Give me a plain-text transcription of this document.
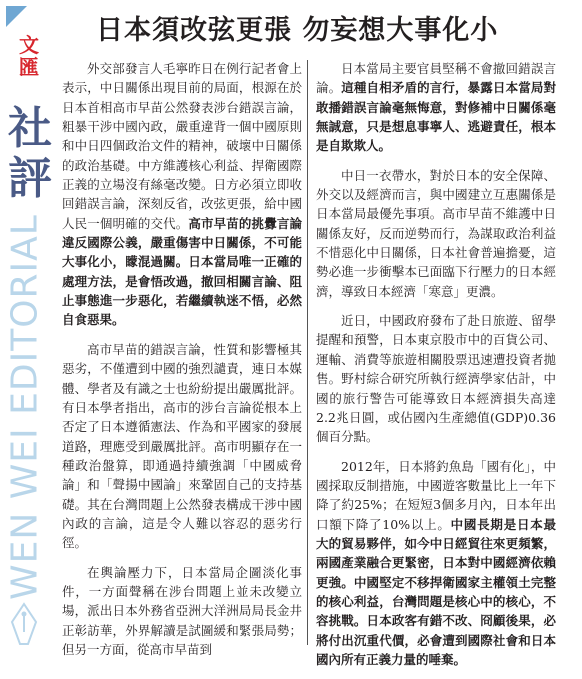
文
匯
社
評
WEN WEI EDITORIAL
日本須改弦更張 勿妄想大事化小

外交部發言人毛寧昨日在例行記者會上表示，中日關係出現目前的局面，根源在於日本首相高市早苗公然發表涉台錯誤言論，粗暴干涉中國內政，嚴重違背一個中國原則和中日四個政治文件的精神，破壞中日關係的政治基礎。中方維護核心利益、捍衛國際正義的立場沒有絲毫改變。日方必須立即收回錯誤言論，深刻反省，改弦更張，給中國人民一個明確的交代。高市早苗的挑釁言論違反國際公義，嚴重傷害中日關係，不可能大事化小，矇混過關。日本當局唯一正確的處理方法，是會悟改過，撤回相關言論、阻止事態進一步惡化，若繼續執迷不悟，必然自食惡果。

高市早苗的錯誤言論，性質和影響極其惡劣，不僅遭到中國的強烈譴責，連日本媒體、學者及有識之士也紛紛提出嚴厲批評。有日本學者指出，高市的涉台言論從根本上否定了日本遵循憲法、作為和平國家的發展道路，理應受到嚴厲批評。高市明顯存在一種政治盤算，即通過持續強調「中國威脅論」和「聲揚中國論」來鞏固自己的支持基礎。其在台灣問題上公然發表構成干涉中國內政的言論，這是令人難以容忍的惡劣行徑。

在輿論壓力下，日本當局企圖淡化事件，一方面聲稱在涉台問題上並未改變立場，派出日本外務省亞洲大洋洲局局長金井正彰訪華，外界解讀是試圖緩和緊張局勢；但另一方面，從高市早苗到

日本當局主要官員堅稱不會撤回錯誤言論。這種自相矛盾的言行，暴露日本當局對敢播錯誤言論毫無悔意，對修補中日關係毫無誠意，只是想息事寧人、逃避責任，根本是自欺欺人。

中日一衣帶水，對於日本的安全保障、外交以及經濟而言，與中國建立互惠關係是日本當局最優先事項。高市早苗不維護中日關係友好，反而逆勢而行，為謀取政治利益不惜惡化中日關係，日本社會普遍擔憂，這勢必進一步衝擊本已面臨下行壓力的日本經濟，導致日本經濟「寒意」更濃。

近日，中國政府發布了赴日旅遊、留學提醒和預警，日本東京股市中的百貨公司、運輸、消費等旅遊相關股票迅速遭投資者拋售。野村綜合研究所執行經濟學家估計，中國的旅行警告可能導致日本經濟損失高達2.2兆日圓，或佔國內生產總值(GDP)0.36個百分點。

2012年，日本將釣魚島「國有化」，中國採取反制措施，中國遊客數量比上一年下降了約25%；在短短3個多月內，日本年出口額下降了10%以上。中國長期是日本最大的貿易夥伴，如今中日經貿往來更頻繁，兩國產業融合更緊密，日本對中國經濟依賴更強。中國堅定不移捍衛國家主權領土完整的核心利益，台灣問題是核心中的核心，不容挑戰。日本政客有錯不改、冏顧後果，必將付出沉重代價，必會遭到國際社會和日本國內所有正義力量的唾棄。
